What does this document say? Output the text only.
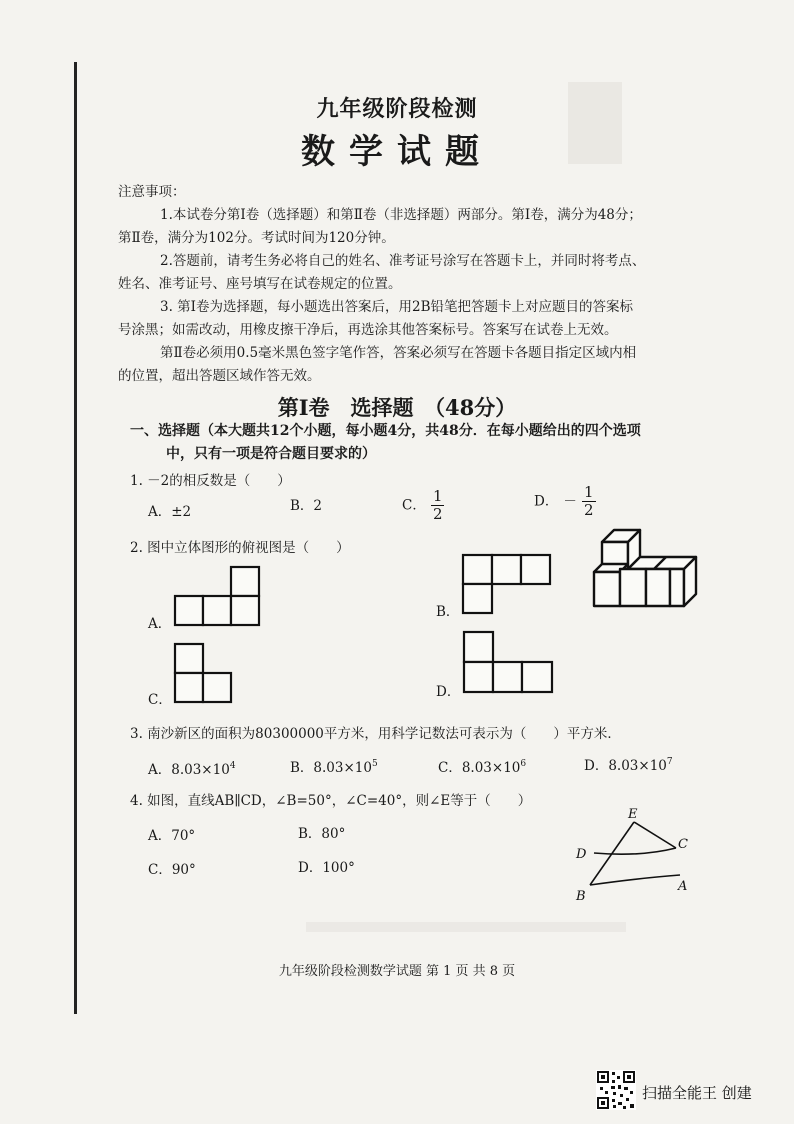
九年级阶段检测
数学试题
注意事项：
1.本试卷分第Ⅰ卷（选择题）和第Ⅱ卷（非选择题）两部分。第Ⅰ卷，满分为48分；
第Ⅱ卷，满分为102分。考试时间为120分钟。
2.答题前，请考生务必将自己的姓名、准考证号涂写在答题卡上，并同时将考点、
姓名、准考证号、座号填写在试卷规定的位置。
3. 第Ⅰ卷为选择题，每小题选出答案后，用2B铅笔把答题卡上对应题目的答案标
号涂黑；如需改动，用橡皮擦干净后，再选涂其他答案标号。答案写在试卷上无效。
第Ⅱ卷必须用0.5毫米黑色签字笔作答，答案必须写在答题卡各题目指定区域内相
的位置，超出答题区域作答无效。
第Ⅰ卷　选择题　（48分）
一、选择题（本大题共12个小题，每小题4分，共48分．在每小题给出的四个选项
中，只有一项是符合题目要求的）
1. －2的相反数是（　　）
A．±2	B．2	C． $\frac{1}{2}$	D． － $\frac{1}{2}$
2. 图中立体图形的俯视图是（　　）
A．
B．
C．	D．
3. 南沙新区的面积为80300000平方米，用科学记数法可表示为（　　）平方米．
A．$8.03\times 10^4$	B．$8.03\times 10^5$	C．$8.03\times 10^6$	D．$8.03\times 10^7$
4. 如图，直线AB∥CD，∠B=50°，∠C=40°，则∠E等于（　　）
A．70°	B．80°
C．90°	D．100°
E
C
D
B
A
九年级阶段检测数学试题 第 1 页 共 8 页
扫描全能王 创建
